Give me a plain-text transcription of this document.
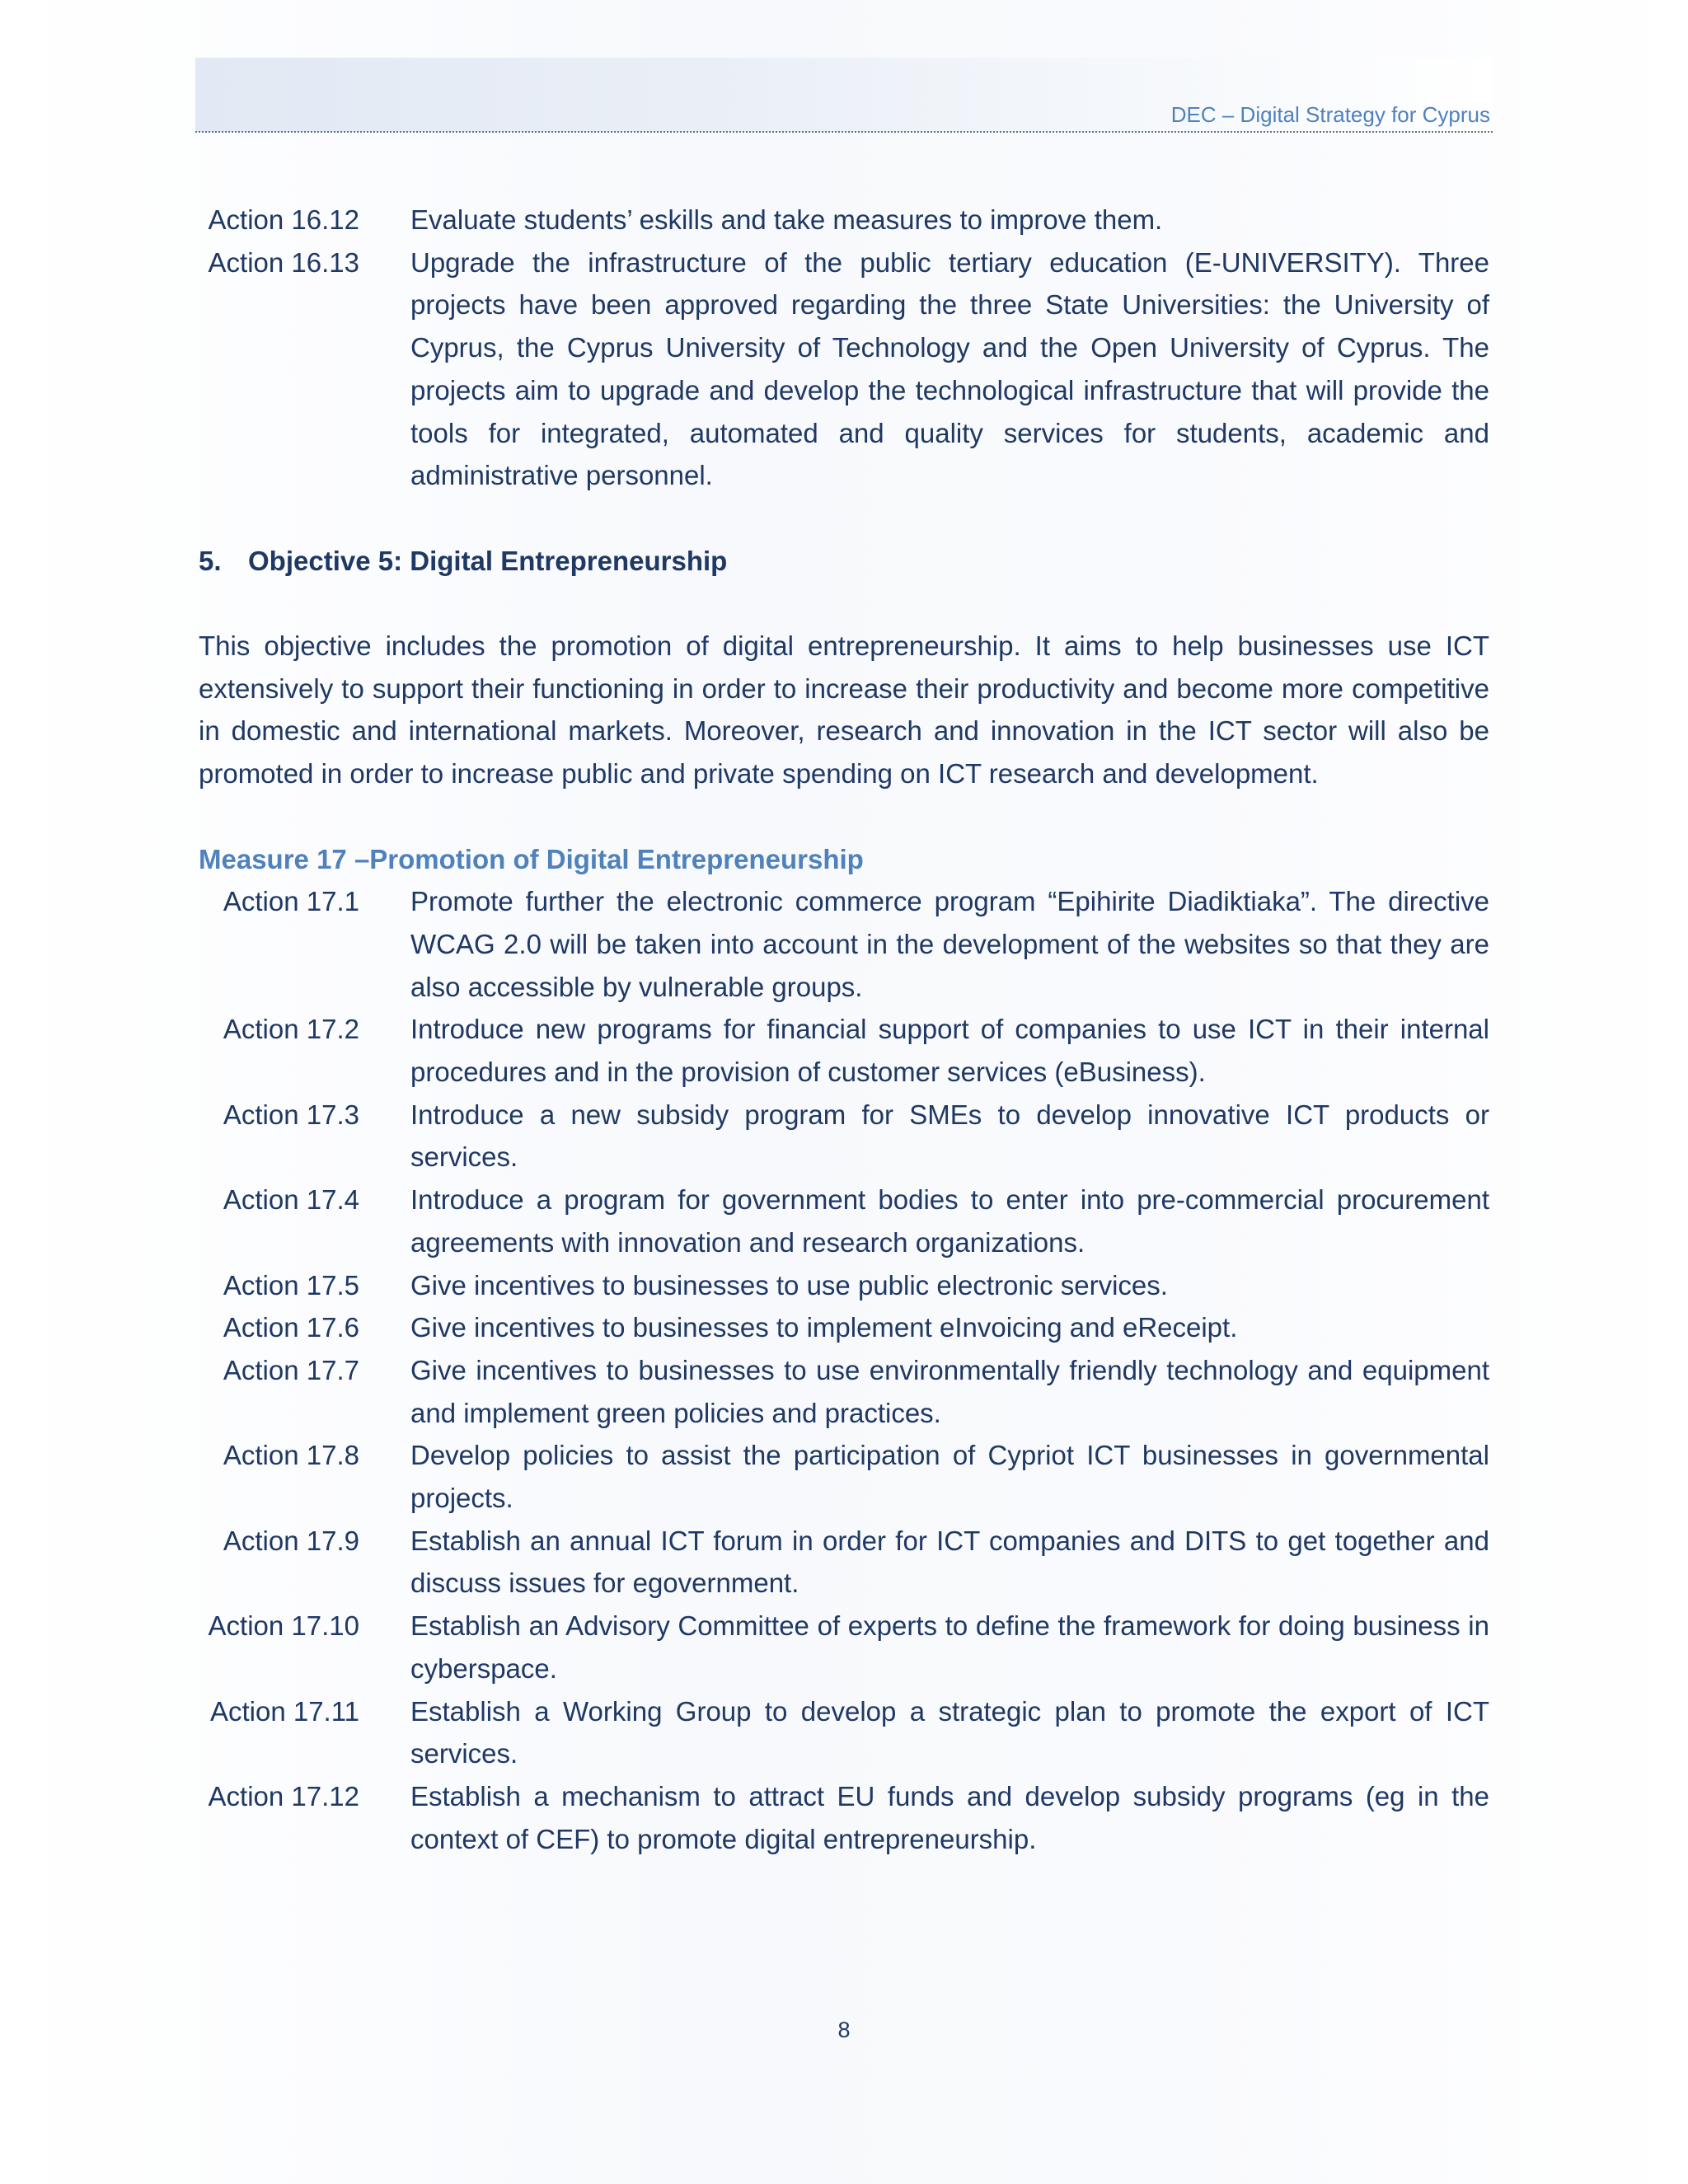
DEC – Digital Strategy for Cyprus
Action 16.12 Evaluate students’ eskills and take measures to improve them.
Action 16.13 Upgrade the infrastructure of the public tertiary education (E-UNIVERSITY). Three projects have been approved regarding the three State Universities: the University of Cyprus, the Cyprus University of Technology and the Open University of Cyprus. The projects aim to upgrade and develop the technological infrastructure that will provide the tools for integrated, automated and quality services for students, academic and administrative personnel.
5. Objective 5: Digital Entrepreneurship
This objective includes the promotion of digital entrepreneurship. It aims to help businesses use ICT extensively to support their functioning in order to increase their productivity and become more competitive in domestic and international markets. Moreover, research and innovation in the ICT sector will also be promoted in order to increase public and private spending on ICT research and development.
Measure 17 –Promotion of Digital Entrepreneurship
Action 17.1 Promote further the electronic commerce program “Epihirite Diadiktiaka”. The directive WCAG 2.0 will be taken into account in the development of the websites so that they are also accessible by vulnerable groups.
Action 17.2 Introduce new programs for financial support of companies to use ICT in their internal procedures and in the provision of customer services (eBusiness).
Action 17.3 Introduce a new subsidy program for SMEs to develop innovative ICT products or services.
Action 17.4 Introduce a program for government bodies to enter into pre-commercial procurement agreements with innovation and research organizations.
Action 17.5 Give incentives to businesses to use public electronic services.
Action 17.6 Give incentives to businesses to implement eInvoicing and eReceipt.
Action 17.7 Give incentives to businesses to use environmentally friendly technology and equipment and implement green policies and practices.
Action 17.8 Develop policies to assist the participation of Cypriot ICT businesses in governmental projects.
Action 17.9 Establish an annual ICT forum in order for ICT companies and DITS to get together and discuss issues for egovernment.
Action 17.10 Establish an Advisory Committee of experts to define the framework for doing business in cyberspace.
Action 17.11 Establish a Working Group to develop a strategic plan to promote the export of ICT services.
Action 17.12 Establish a mechanism to attract EU funds and develop subsidy programs (eg in the context of CEF) to promote digital entrepreneurship.
8
